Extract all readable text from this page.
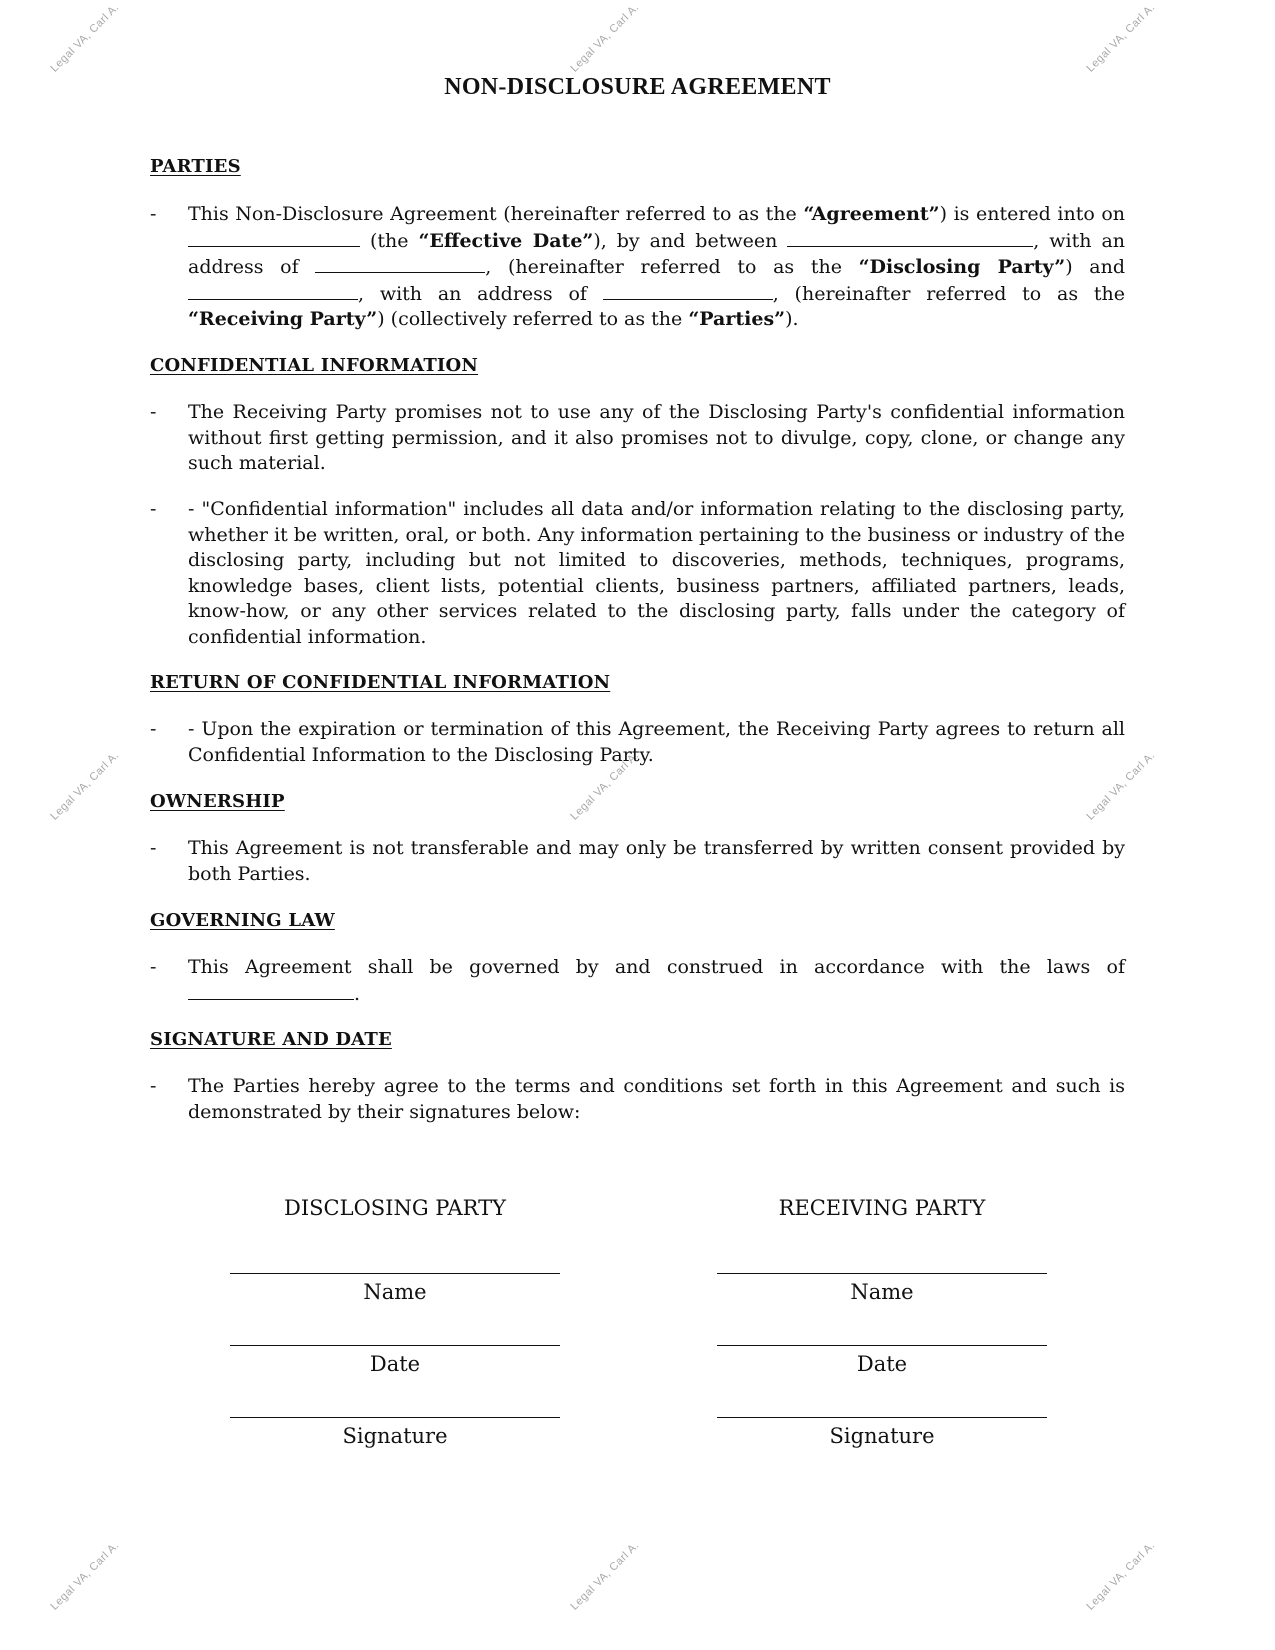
Legal VA, Carl A.	Legal VA, Carl A.	Legal VA, Carl A.
Legal VA, Carl A.	Legal VA, Carl A.	Legal VA, Carl A.
Legal VA, Carl A.	Legal VA, Carl A.	Legal VA, Carl A.
NON-DISCLOSURE AGREEMENT
PARTIES
- This Non-Disclosure Agreement (hereinafter referred to as the “Agreement”) is entered into on  (the “Effective Date”), by and between	, with an address of	, (hereinafter referred to as the “Disclosing Party”) and , with an address of	, (hereinafter referred to as the “Receiving Party”) (collectively referred to as the “Parties”).
CONFIDENTIAL INFORMATION
- The Receiving Party promises not to use any of the Disclosing Party's confidential information without first getting permission, and it also promises not to divulge, copy, clone, or change any such material.
- - "Confidential information" includes all data and/or information relating to the disclosing party, whether it be written, oral, or both. Any information pertaining to the business or industry of the disclosing party, including but not limited to discoveries, methods, techniques, programs, knowledge bases, client lists, potential clients, business partners, affiliated partners, leads, know-how, or any other services related to the disclosing party, falls under the category of confidential information.
RETURN OF CONFIDENTIAL INFORMATION
- - Upon the expiration or termination of this Agreement, the Receiving Party agrees to return all Confidential Information to the Disclosing Party.
OWNERSHIP
- This Agreement is not transferable and may only be transferred by written consent provided by both Parties.
GOVERNING LAW
- This Agreement shall be governed by and construed in accordance with the laws of .
SIGNATURE AND DATE
- The Parties hereby agree to the terms and conditions set forth in this Agreement and such is demonstrated by their signatures below:
DISCLOSING PARTY
Name
Date
Signature
RECEIVING PARTY
Name
Date
Signature
